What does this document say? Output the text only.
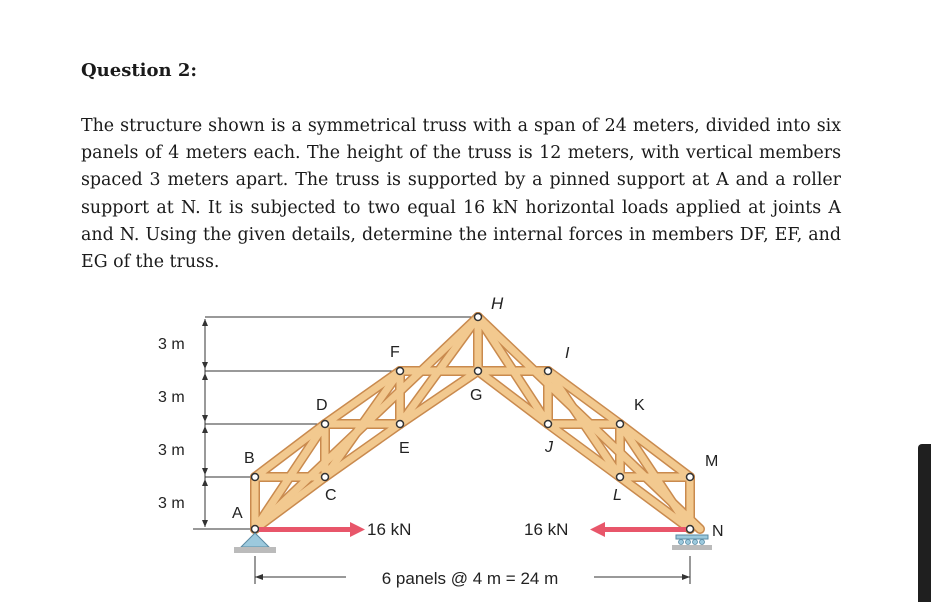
Question 2:

The structure shown is a symmetrical truss with a span of 24 meters, divided into six panels of 4 meters each. The height of the truss is 12 meters, with vertical members spaced 3 meters apart. The truss is supported by a pinned support at A and a roller support at N. It is subjected to two equal 16 kN horizontal loads applied at joints A and N. Using the given details, determine the internal forces in members DF, EF, and EG of the truss.

3 m
3 m
3 m
3 m
16 kN	16 kN
6 panels @ 4 m = 24 m
A
B
C
D
E
F
G
H
I
J
K
L
M
N
